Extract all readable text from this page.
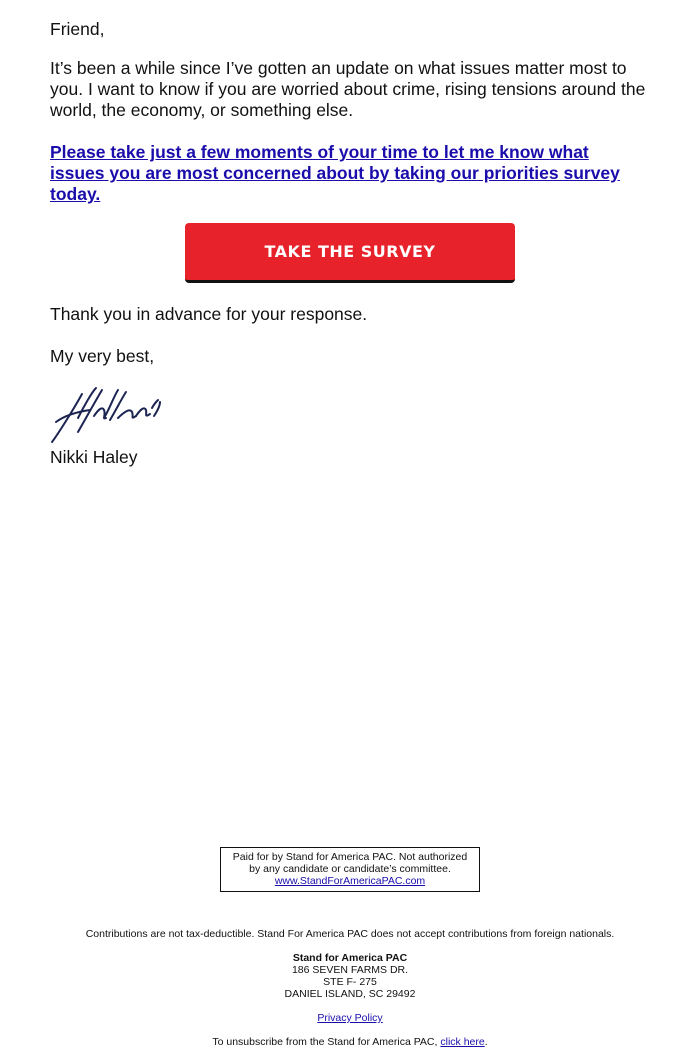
Friend,

It’s been a while since I’ve gotten an update on what issues matter most to you. I want to know if you are worried about crime, rising tensions around the world, the economy, or something else.

Please take just a few moments of your time to let me know what issues you are most concerned about by taking our priorities survey today.
TAKE THE SURVEY

Thank you in advance for your response.

My very best,

Nikki Haley

Paid for by Stand for America PAC. Not authorized
by any candidate or candidate’s committee.
www.StandForAmericaPAC.com
Contributions are not tax-deductible. Stand For America PAC does not accept contributions from foreign nationals.
Stand for America PAC
186 SEVEN FARMS DR.
STE F- 275
DANIEL ISLAND, SC 29492
Privacy Policy
To unsubscribe from the Stand for America PAC, click here.
